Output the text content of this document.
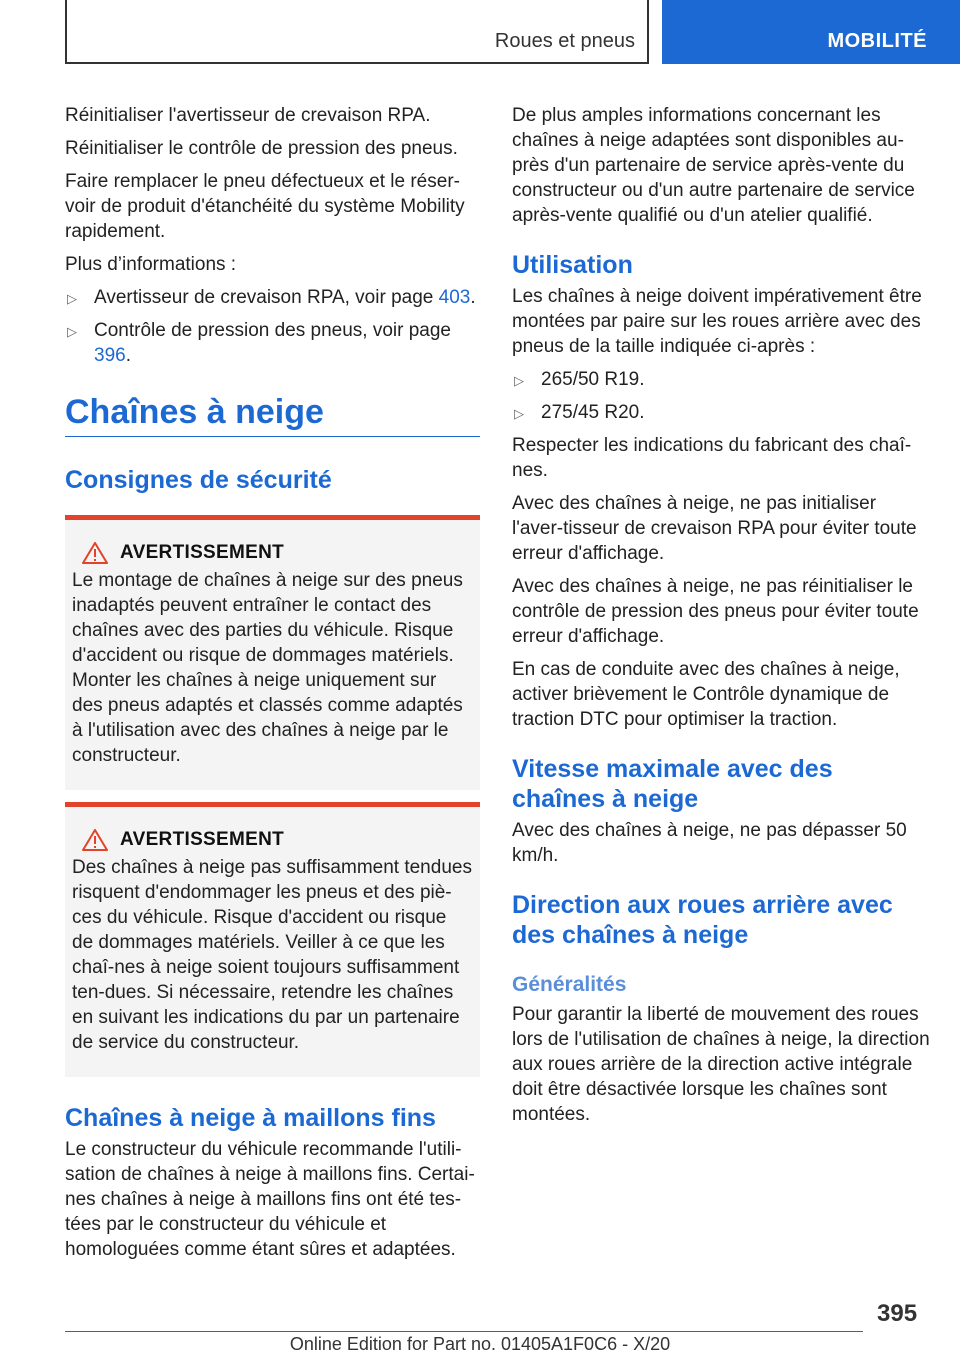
Roues et pneus	MOBILITÉ

Réinitialiser l'avertisseur de crevaison RPA.

Réinitialiser le contrôle de pression des pneus.

Faire remplacer le pneu défectueux et le réser-voir de produit d'étanchéité du système Mobility rapidement.

Plus d’informations :

▷ Avertisseur de crevaison RPA, voir page 403.
▷ Contrôle de pression des pneus, voir page 396.
Chaînes à neige
Consignes de sécurité
AVERTISSEMENT

Le montage de chaînes à neige sur des pneus inadaptés peuvent entraîner le contact des chaînes avec des parties du véhicule. Risque d'accident ou risque de dommages matériels. Monter les chaînes à neige uniquement sur des pneus adaptés et classés comme adaptés à l'utilisation avec des chaînes à neige par le constructeur.

AVERTISSEMENT

Des chaînes à neige pas suffisamment tendues risquent d'endommager les pneus et des piè-ces du véhicule. Risque d'accident ou risque de dommages matériels. Veiller à ce que les chaî-nes à neige soient toujours suffisamment ten-dues. Si nécessaire, retendre les chaînes en suivant les indications du par un partenaire de service du constructeur.

Chaînes à neige à maillons fins

Le constructeur du véhicule recommande l'utili-sation de chaînes à neige à maillons fins. Certai-nes chaînes à neige à maillons fins ont été tes-tées par le constructeur du véhicule et homologuées comme étant sûres et adaptées.

De plus amples informations concernant les chaînes à neige adaptées sont disponibles au-près d'un partenaire de service après-vente du constructeur ou d'un autre partenaire de service après-vente qualifié ou d'un atelier qualifié.

Utilisation

Les chaînes à neige doivent impérativement être montées par paire sur les roues arrière avec des pneus de la taille indiquée ci-après :

▷ 265/50 R19.
▷ 275/45 R20.

Respecter les indications du fabricant des chaî-nes.

Avec des chaînes à neige, ne pas initialiser l'aver-tisseur de crevaison RPA pour éviter toute erreur d'affichage.

Avec des chaînes à neige, ne pas réinitialiser le contrôle de pression des pneus pour éviter toute erreur d'affichage.

En cas de conduite avec des chaînes à neige, activer brièvement le Contrôle dynamique de traction DTC pour optimiser la traction.

Vitesse maximale avec des chaînes à neige

Avec des chaînes à neige, ne pas dépasser 50 km/h.

Direction aux roues arrière avec des chaînes à neige
Généralités

Pour garantir la liberté de mouvement des roues lors de l'utilisation de chaînes à neige, la direction aux roues arrière de la direction active intégrale doit être désactivée lorsque les chaînes sont montées.

395
Online Edition for Part no. 01405A1F0C6 - X/20
